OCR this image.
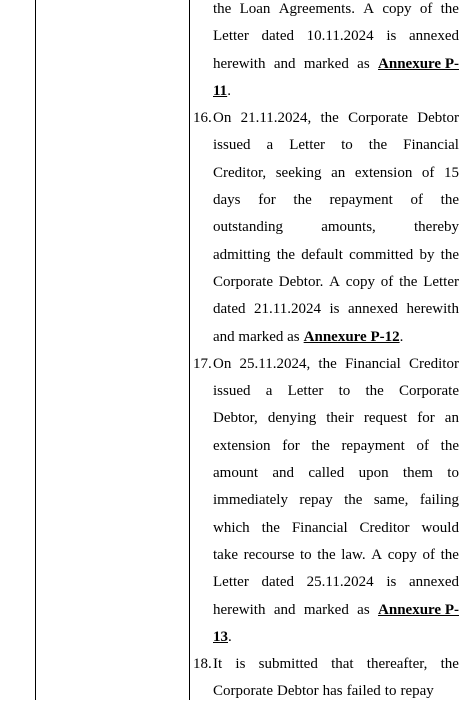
the Loan Agreements. A copy of the
Letter dated 10.11.2024 is annexed
herewith and marked as Annexure P-
11 .
16. On 21.11.2024, the Corporate Debtor
issued a Letter to the Financial
Creditor, seeking an extension of 15
days for the repayment of the
outstanding	amounts,	thereby
admitting the default committed by the
Corporate Debtor. A copy of the Letter
dated 21.11.2024 is annexed herewith
and marked as Annexure P-12 .
17. On 25.11.2024, the Financial Creditor
issued a Letter to the Corporate
Debtor, denying their request for an
extension for the repayment of the
amount and called upon them to
immediately repay the same, failing
which the Financial Creditor would
take recourse to the law. A copy of the
Letter dated 25.11.2024 is annexed
herewith and marked as Annexure P-
13 .
18. It is submitted that thereafter, the
Corporate Debtor has failed to repay
